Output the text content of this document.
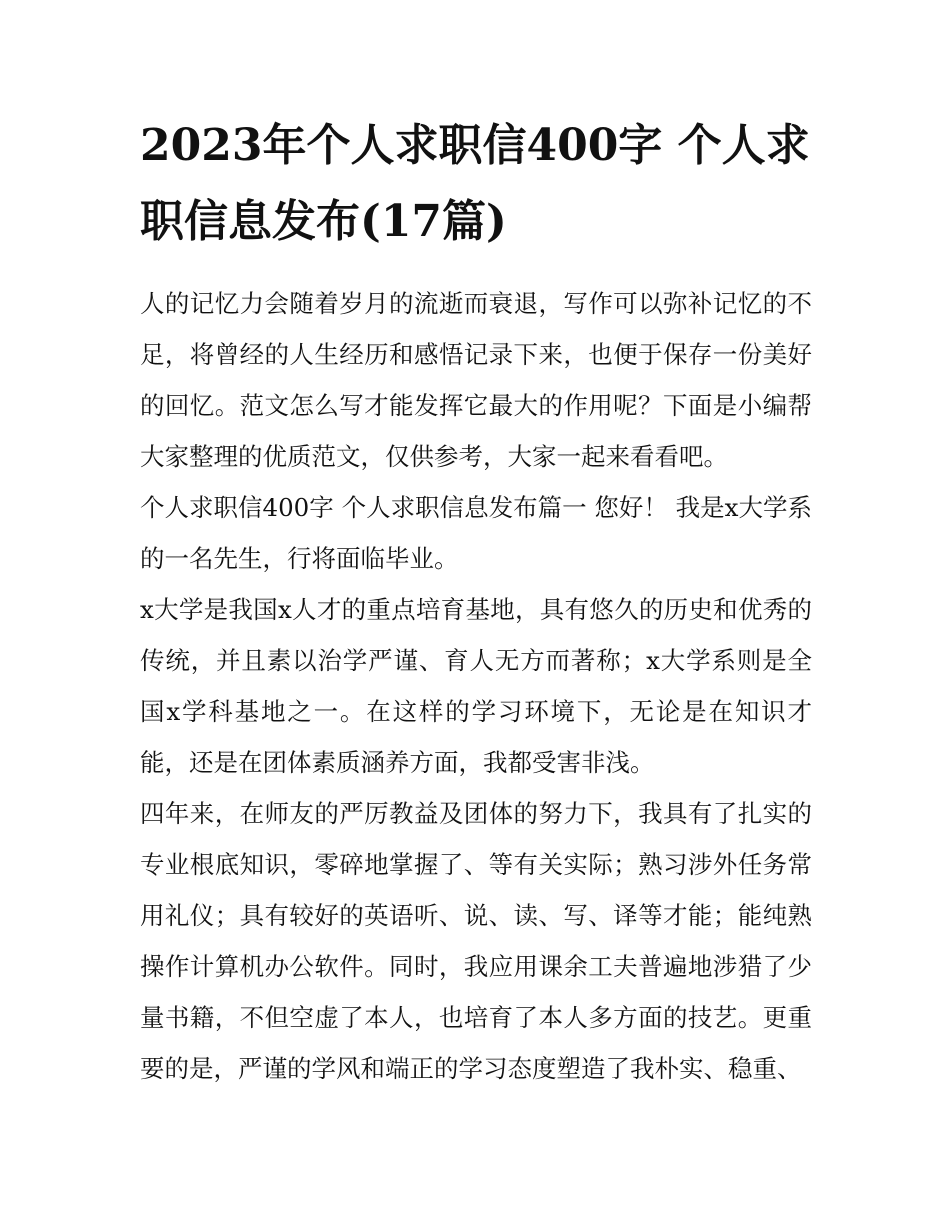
2023年个人求职信400字 个人求职信息发布(17篇)

人的记忆力会随着岁月的流逝而衰退，写作可以弥补记忆的不足，将曾经的人生经历和感悟记录下来，也便于保存一份美好的回忆。范文怎么写才能发挥它最大的作用呢？下面是小编帮大家整理的优质范文，仅供参考，大家一起来看看吧。

个人求职信400字 个人求职信息发布篇一 您好！ 我是x大学系的一名先生，行将面临毕业。

x大学是我国x人才的重点培育基地，具有悠久的历史和优秀的传统，并且素以治学严谨、育人无方而著称；x大学系则是全国x学科基地之一。在这样的学习环境下，无论是在知识才能，还是在团体素质涵养方面，我都受害非浅。

四年来，在师友的严厉教益及团体的努力下，我具有了扎实的专业根底知识，零碎地掌握了、等有关实际；熟习涉外任务常用礼仪；具有较好的英语听、说、读、写、译等才能；能纯熟操作计算机办公软件。同时，我应用课余工夫普遍地涉猎了少量书籍，不但空虚了本人，也培育了本人多方面的技艺。更重要的是，严谨的学风和端正的学习态度塑造了我朴实、稳重、
